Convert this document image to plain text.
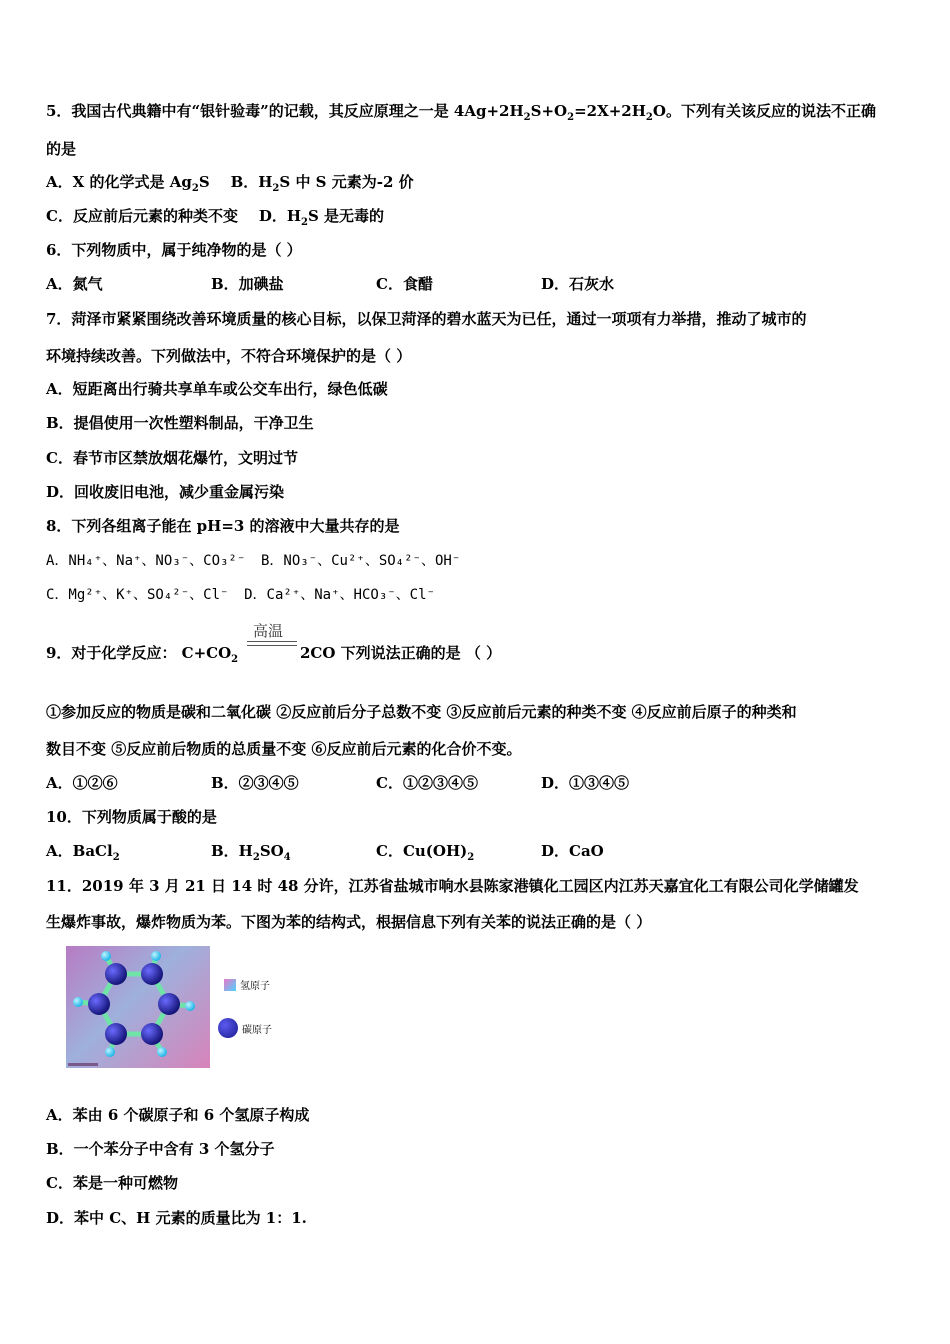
5．我国古代典籍中有“银针验毒”的记载，其反应原理之一是 $4Ag+2H_2S+O_2=2X+2H_2O$。下列有关该反应的说法不正确
的是
A．X 的化学式是 $Ag_2S$ B．$H_2S$ 中 S 元素为-2 价
C．反应前后元素的种类不变 D．$H_2S$ 是无毒的
6．下列物质中，属于纯净物的是（ ）
A．氮气	B．加碘盐	C．食醋	D．石灰水
7．菏泽市紧紧围绕改善环境质量的核心目标，以保卫菏泽的碧水蓝天为已任，通过一项项有力举措，推动了城市的
环境持续改善。下列做法中，不符合环境保护的是（ ）
A．短距离出行骑共享单车或公交车出行，绿色低碳
B．提倡使用一次性塑料制品，干净卫生
C．春节市区禁放烟花爆竹，文明过节
D．回收废旧电池，减少重金属污染
8．下列各组离子能在 pH=3 的溶液中大量共存的是
A．NH₄⁺、Na⁺、NO₃⁻、CO₃²⁻ B．NO₃⁻、Cu²⁺、SO₄²⁻、OH⁻
C．Mg²⁺、K⁺、SO₄²⁻、Cl⁻ D．Ca²⁺、Na⁺、HCO₃⁻、Cl⁻
9．对于化学反应： $C+CO_2$
高温
2CO 下列说法正确的是 （ ）
①参加反应的物质是碳和二氧化碳 ②反应前后分子总数不变 ③反应前后元素的种类不变 ④反应前后原子的种类和
数目不变 ⑤反应前后物质的总质量不变 ⑥反应前后元素的化合价不变。
A．①②⑥	B．②③④⑤	C．①②③④⑤	D．①③④⑤
10．下列物质属于酸的是
A．BaCl$_2$	B．$H_2SO_4$	C．$Cu(OH)_2$	D．CaO
11．2019 年 3 月 21 日 14 时 48 分许，江苏省盐城市响水县陈家港镇化工园区内江苏天嘉宜化工有限公司化学储罐发
生爆炸事故，爆炸物质为苯。下图为苯的结构式，根据信息下列有关苯的说法正确的是（ ）
氢原子
碳原子
A．苯由 6 个碳原子和 6 个氢原子构成
B．一个苯分子中含有 3 个氢分子
C．苯是一种可燃物
D．苯中 C、H 元素的质量比为 1：1.
